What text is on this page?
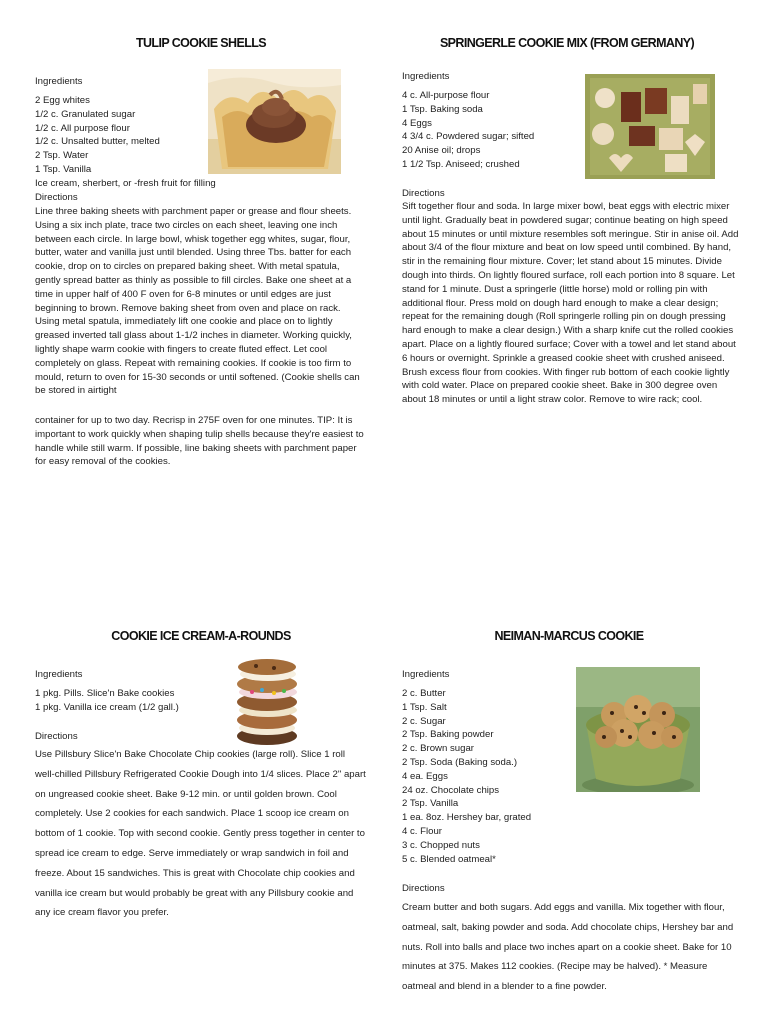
TULIP COOKIE SHELLS
Ingredients
2 Egg whites
1/2 c. Granulated sugar
1/2 c. All purpose flour
1/2 c. Unsalted butter, melted
2 Tsp. Water
1 Tsp. Vanilla
Ice cream, sherbert, or -fresh fruit for filling
Directions
Line three baking sheets with parchment paper or grease and flour sheets. Using a six inch plate, trace two circles on each sheet, leaving one inch between each circle. In large bowl, whisk together egg whites, sugar, flour, butter, water and vanilla just until blended. Using three Tbs. batter for each cookie, drop on to circles on prepared baking sheet. With metal spatula, gently spread batter as thinly as possible to fill circles. Bake one sheet at a time in upper half of 400 F oven for 6-8 minutes or until edges are just beginning to brown. Remove baking sheet from oven and place on rack. Using metal spatula, immediately lift one cookie and place on to lightly greased inverted tall glass about 1-1/2 inches in diameter. Working quickly, lightly shape warm cookie with fingers to create fluted effect. Let cool completely on glass. Repeat with remaining cookies. If cookie is too firm to mould, return to oven for 15-30 seconds or until softened. (Cookie shells can be stored in airtight
container for up to two day. Recrisp in 275F oven for one minutes. TIP: It is important to work quickly when shaping tulip shells because they're easiest to handle while still warm. If possible, line baking sheets with parchment paper for easy removal of the cookies.
SPRINGERLE COOKIE MIX (FROM GERMANY)
Ingredients
4 c. All-purpose flour
1 Tsp. Baking soda
4 Eggs
4 3/4 c. Powdered sugar; sifted
20 Anise oil; drops
1 1/2 Tsp. Aniseed; crushed
Directions
Sift together flour and soda. In large mixer bowl, beat eggs with electric mixer until light. Gradually beat in powdered sugar; continue beating on high speed about 15 minutes or until mixture resembles soft meringue. Stir in anise oil. Add about 3/4 of the flour mixture and beat on low speed until combined. By hand, stir in the remaining flour mixture. Cover; let stand about 15 minutes. Divide dough into thirds. On lightly floured surface, roll each portion into 8 square. Let stand for 1 minute. Dust a springerle (little horse) mold or rolling pin with additional flour. Press mold on dough hard enough to make a clear design; repeat for the remaining dough (Roll springerle rolling pin on dough pressing hard enough to make a clear design.) With a sharp knife cut the rolled cookies apart. Place on a lightly floured surface; Cover with a towel and let stand about 6 hours or overnight. Sprinkle a greased cookie sheet with crushed aniseed. Brush excess flour from cookies. With finger rub bottom of each cookie lightly with cold water. Place on prepared cookie sheet. Bake in 300 degree oven about 18 minutes or until a light straw color. Remove to wire rack; cool.
COOKIE ICE CREAM-A-ROUNDS
Ingredients
1 pkg. Pills. Slice'n Bake cookies
1 pkg. Vanilla ice cream (1/2 gall.)
Directions
Use Pillsbury Slice'n Bake Chocolate Chip cookies (large roll). Slice 1 roll well-chilled Pillsbury Refrigerated Cookie Dough into 1/4 slices. Place 2" apart on ungreased cookie sheet. Bake 9-12 min. or until golden brown. Cool completely. Use 2 cookies for each sandwich. Place 1 scoop ice cream on bottom of 1 cookie. Top with second cookie. Gently press together in center to spread ice cream to edge. Serve immediately or wrap sandwich in foil and freeze. About 15 sandwiches. This is great with Chocolate chip cookies and vanilla ice cream but would probably be great with any Pillsbury cookie and any ice cream flavor you prefer.
NEIMAN-MARCUS COOKIE
Ingredients
2 c. Butter
1 Tsp. Salt
2 c. Sugar
2 Tsp. Baking powder
2 c. Brown sugar
2 Tsp. Soda (Baking soda.)
4 ea. Eggs
24 oz. Chocolate chips
2 Tsp. Vanilla
1 ea. 8oz. Hershey bar, grated
4 c. Flour
3 c. Chopped nuts
5 c. Blended oatmeal*
Directions
Cream butter and both sugars. Add eggs and vanilla. Mix together with flour, oatmeal, salt, baking powder and soda. Add chocolate chips, Hershey bar and nuts. Roll into balls and place two inches apart on a cookie sheet. Bake for 10 minutes at 375. Makes 112 cookies. (Recipe may be halved). * Measure oatmeal and blend in a blender to a fine powder.
